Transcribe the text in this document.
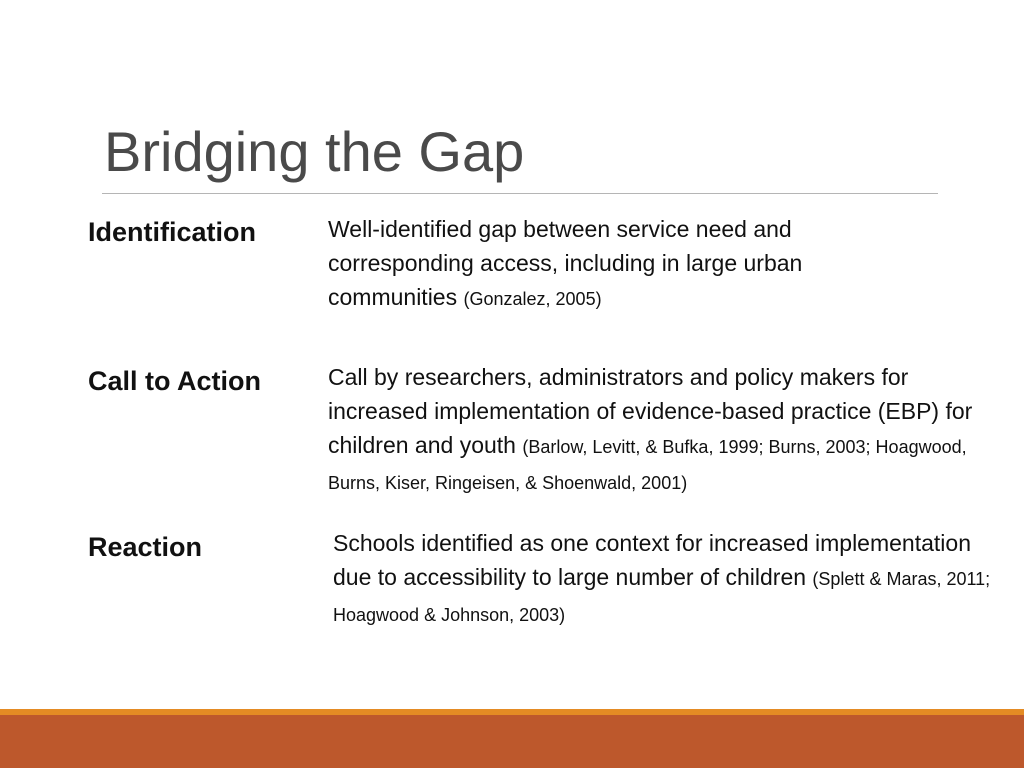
Bridging the Gap

Identification	Well-identified gap between service need and corresponding access, including in large urban communities (Gonzalez, 2005)

Call to Action	Call by researchers, administrators and policy makers for increased implementation of evidence-based practice (EBP) for children and youth (Barlow, Levitt, & Bufka, 1999; Burns, 2003; Hoagwood, Burns, Kiser, Ringeisen, & Shoenwald, 2001)

Reaction	Schools identified as one context for increased implementation due to accessibility to large number of children (Splett & Maras, 2011; Hoagwood & Johnson, 2003)
